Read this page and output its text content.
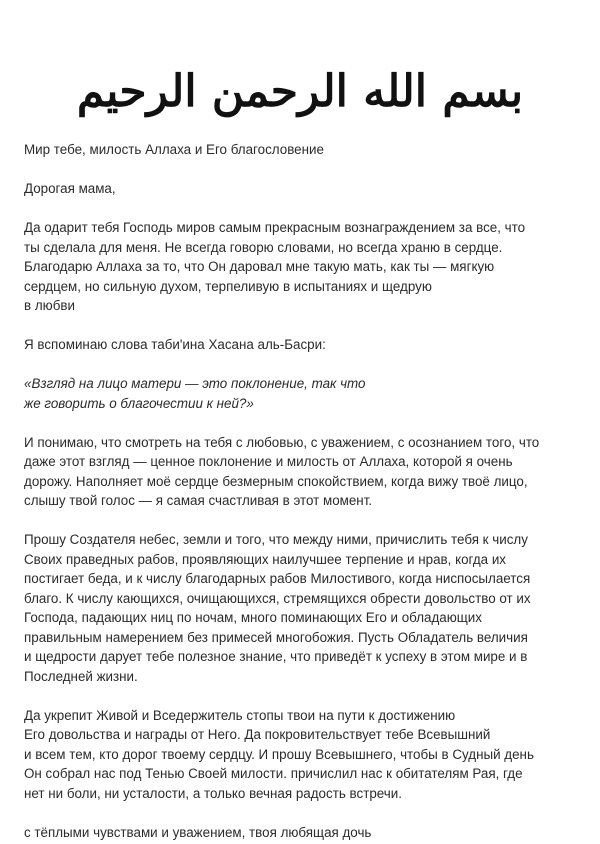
بسم الله الرحمن الرحيم
Мир тебе, милость Аллаха и Его благословение
Дорогая мама,
Да одарит тебя Господь миров самым прекрасным вознаграждением за все, что
ты сделала для меня. Не всегда говорю словами, но всегда храню в сердце.
Благодарю Аллаха за то, что Он даровал мне такую мать, как ты — мягкую
сердцем, но сильную духом, терпеливую в испытаниях и щедрую
в любви
Я вспоминаю слова таби'ина Хасана аль-Басри:
«Взгляд на лицо матери — это поклонение, так что
же говорить о благочестии к ней?»
И понимаю, что смотреть на тебя с любовью, с уважением, с осознанием того, что
даже этот взгляд — ценное поклонение и милость от Аллаха, которой я очень
дорожу. Наполняет моё сердце безмерным спокойствием, когда вижу твоё лицо,
слышу твой голос — я самая счастливая в этот момент.
Прошу Создателя небес, земли и того, что между ними, причислить тебя к числу
Своих праведных рабов, проявляющих наилучшее терпение и нрав, когда их
постигает беда, и к числу благодарных рабов Милостивого, когда ниспосылается
благо. К числу кающихся, очищающихся, стремящихся обрести довольство от их
Господа, падающих ниц по ночам, много поминающих Его и обладающих
правильным намерением без примесей многобожия. Пусть Обладатель величия
и щедрости дарует тебе полезное знание, что приведёт к успеху в этом мире и в
Последней жизни.
Да укрепит Живой и Вседержитель стопы твои на пути к достижению
Его довольства и награды от Него. Да покровительствует тебе Всевышний
и всем тем, кто дорог твоему сердцу. И прошу Всевышнего, чтобы в Судный день
Он собрал нас под Тенью Своей милости. причислил нас к обитателям Рая, где
нет ни боли, ни усталости, а только вечная радость встречи.
с тёплыми чувствами и уважением, твоя любящая дочь
